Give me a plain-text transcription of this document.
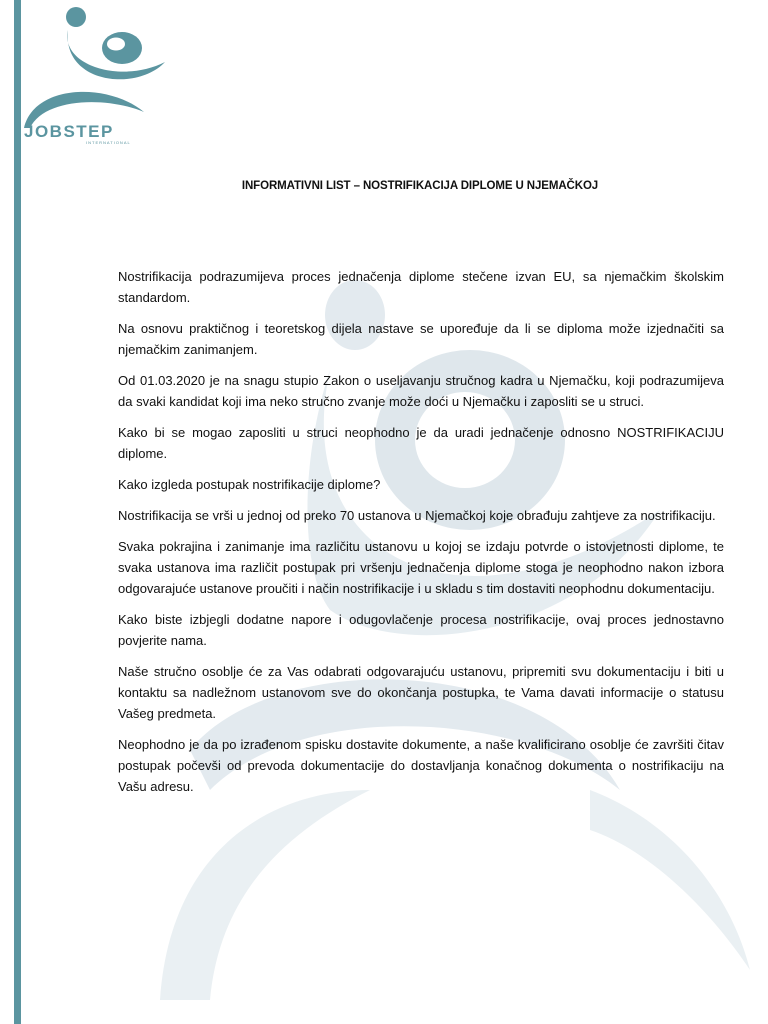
JOBSTEP
INTERNATIONAL
INFORMATIVNI LIST – NOSTRIFIKACIJA DIPLOME U NJEMAČKOJ

Nostrifikacija podrazumijeva proces jednačenja diplome stečene izvan EU, sa njemačkim školskim standardom.

Na osnovu praktičnog i teoretskog dijela nastave se upoređuje da li se diploma može izjednačiti sa njemačkim zanimanjem.

Od 01.03.2020 je na snagu stupio Zakon o useljavanju stručnog kadra u Njemačku, koji podrazumijeva da svaki kandidat koji ima neko stručno zvanje može doći u Njemačku i zaposliti se u struci.

Kako bi se mogao zaposliti u struci neophodno je da uradi jednačenje odnosno NOSTRIFIKACIJU diplome.

Kako izgleda postupak nostrifikacije diplome?

Nostrifikacija se vrši u jednoj od preko 70 ustanova u Njemačkoj koje obrađuju zahtjeve za nostrifikaciju.

Svaka pokrajina i zanimanje ima različitu ustanovu u kojoj se izdaju potvrde o istovjetnosti diplome, te svaka ustanova ima različit postupak pri vršenju jednačenja diplome stoga je neophodno nakon izbora odgovarajuće ustanove proučiti i način nostrifikacije i u skladu s tim dostaviti neophodnu dokumentaciju.

Kako biste izbjegli dodatne napore i odugovlačenje procesa nostrifikacije, ovaj proces jednostavno povjerite nama.

Naše stručno osoblje će za Vas odabrati odgovarajuću ustanovu, pripremiti svu dokumentaciju i biti u kontaktu sa nadležnom ustanovom sve do okončanja postupka, te Vama davati informacije o statusu Vašeg predmeta.

Neophodno je da po izrađenom spisku dostavite dokumente, a naše kvalificirano osoblje će završiti čitav postupak počevši od prevoda dokumentacije do dostavljanja konačnog dokumenta o nostrifikaciju na Vašu adresu.
